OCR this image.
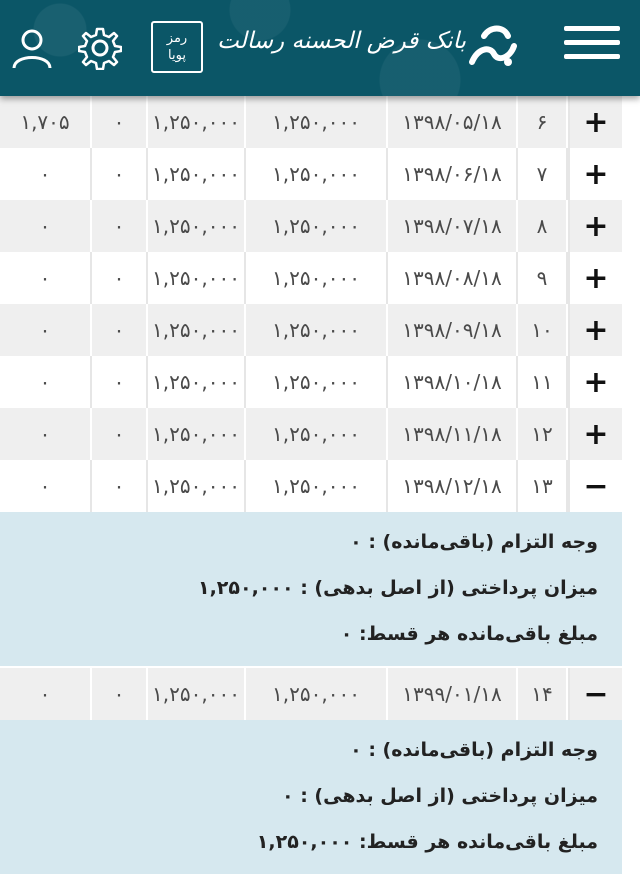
رمز
پویا
بانک قرض الحسنه رسالت
۱,۷۰۵	۰	۱,۲۵۰,۰۰۰	۱,۲۵۰,۰۰۰	۱۳۹۸/۰۵/۱۸	۶	+
۰	۰	۱,۲۵۰,۰۰۰	۱,۲۵۰,۰۰۰	۱۳۹۸/۰۶/۱۸	۷	+
۰	۰	۱,۲۵۰,۰۰۰	۱,۲۵۰,۰۰۰	۱۳۹۸/۰۷/۱۸	۸	+
۰	۰	۱,۲۵۰,۰۰۰	۱,۲۵۰,۰۰۰	۱۳۹۸/۰۸/۱۸	۹	+
۰	۰	۱,۲۵۰,۰۰۰	۱,۲۵۰,۰۰۰	۱۳۹۸/۰۹/۱۸	۱۰	+
۰	۰	۱,۲۵۰,۰۰۰	۱,۲۵۰,۰۰۰	۱۳۹۸/۱۰/۱۸	۱۱	+
۰	۰	۱,۲۵۰,۰۰۰	۱,۲۵۰,۰۰۰	۱۳۹۸/۱۱/۱۸	۱۲	+
۰	۰	۱,۲۵۰,۰۰۰	۱,۲۵۰,۰۰۰	۱۳۹۸/۱۲/۱۸	۱۳	−
وجه التزام (باقی‌مانده) : ۰
میزان پرداختی (از اصل بدهی) : ۱,۲۵۰,۰۰۰
مبلغ باقی‌مانده هر قسط: ۰
۰	۰	۱,۲۵۰,۰۰۰	۱,۲۵۰,۰۰۰	۱۳۹۹/۰۱/۱۸	۱۴	−
وجه التزام (باقی‌مانده) : ۰
میزان پرداختی (از اصل بدهی) : ۰
مبلغ باقی‌مانده هر قسط: ۱,۲۵۰,۰۰۰
